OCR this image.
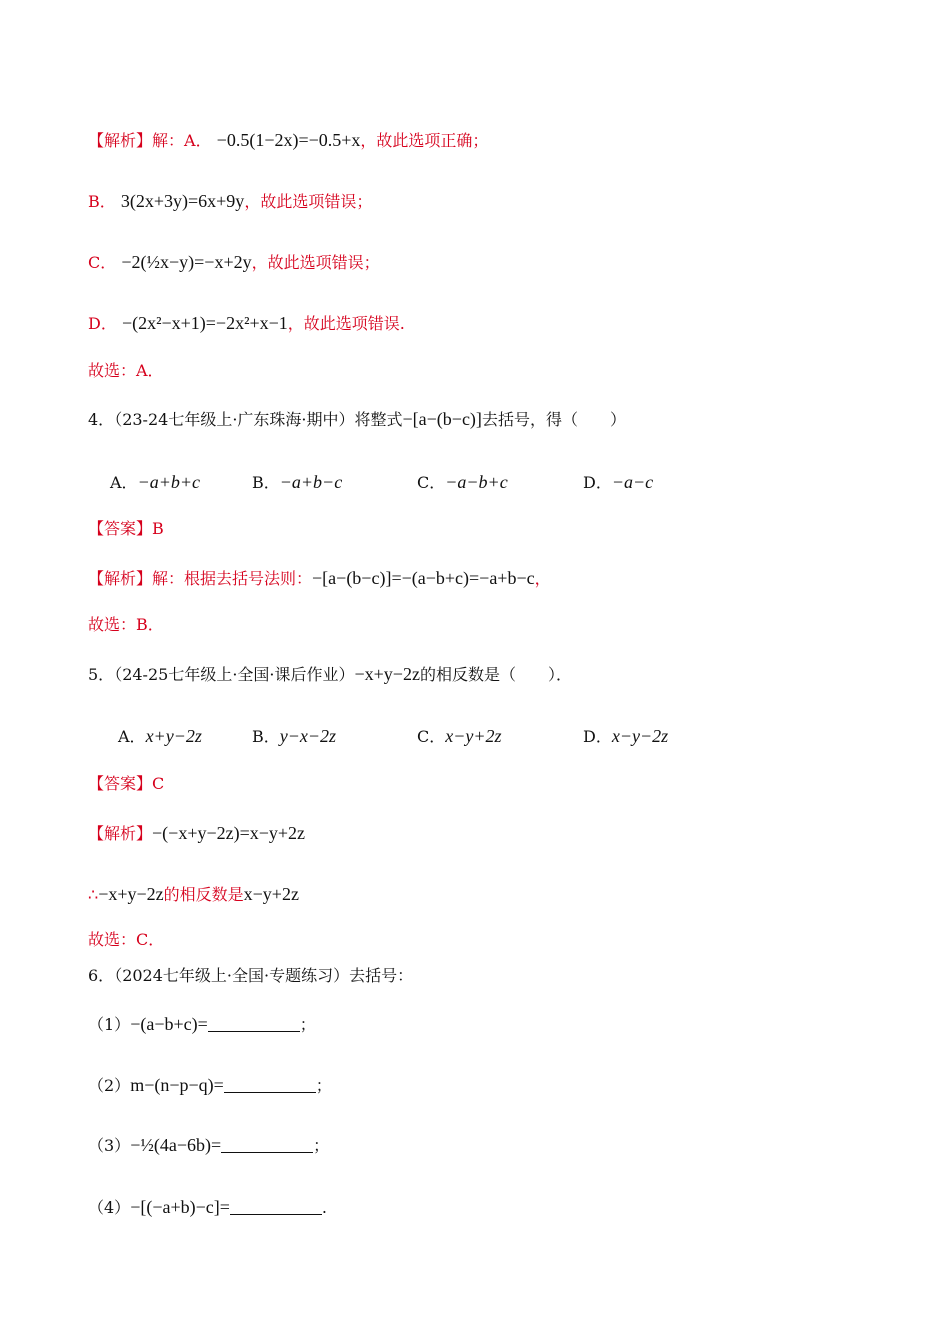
【解析】解：A． −0.5(1−2x)=−0.5+x，故此选项正确；
B． 3(2x+3y)=6x+9y，故此选项错误；
C． −2(½x−y)=−x+2y，故此选项错误；
D． −(2x²−x+1)=−2x²+x−1，故此选项错误.
故选：A．
4．（23-24七年级上·广东珠海·期中）将整式−[a−(b−c)]去括号，得（　　）
A．−a+b+c	B．−a+b−c	C．−a−b+c	D．−a−c
【答案】B
【解析】解：根据去括号法则：−[a−(b−c)]=−(a−b+c)=−a+b−c，
故选：B．
5．（24-25七年级上·全国·课后作业）−x+y−2z的相反数是（　　）．
A．x+y−2z	B．y−x−2z	C．x−y+2z	D．x−y−2z
【答案】C
【解析】−(−x+y−2z)=x−y+2z
∴−x+y−2z的相反数是x−y+2z
故选：C．
6．（2024七年级上·全国·专题练习）去括号：
（1）−(a−b+c)=	；
（2）m−(n−p−q)=	；
（3）−½(4a−6b)=	；
（4）−[(−a+b)−c]=	.
